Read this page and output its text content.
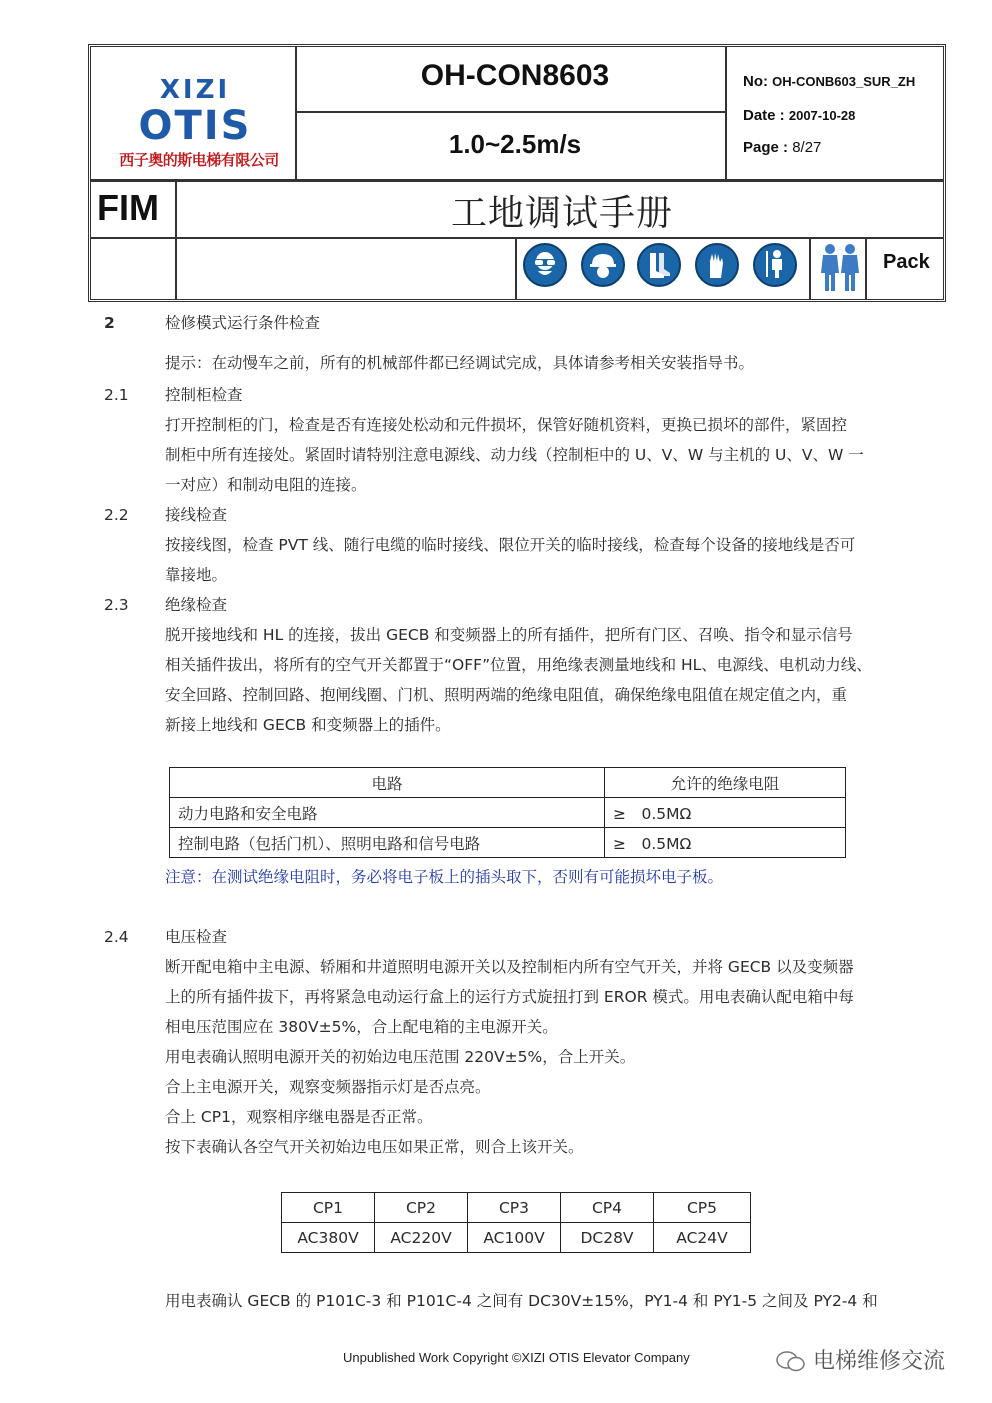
XIZI
OTIS
西子奥的斯电梯有限公司
OH-CON8603
1.0~2.5m/s
No: OH-CONB603_SUR_ZH
Date : 2007-10-28
Page : 8/27
FIM	工地调试手册
Pack
2	检修模式运行条件检查
提示：在动慢车之前，所有的机械部件都已经调试完成，具体请参考相关安装指导书。
2.1 控制柜检查
打开控制柜的门，检查是否有连接处松动和元件损坏，保管好随机资料，更换已损坏的部件，紧固控
制柜中所有连接处。紧固时请特别注意电源线、动力线（控制柜中的 U、V、W 与主机的 U、V、W 一
一对应）和制动电阻的连接。
2.2 接线检查
按接线图，检查 PVT 线、随行电缆的临时接线、限位开关的临时接线，检查每个设备的接地线是否可
靠接地。
2.3 绝缘检查
脱开接地线和 HL 的连接，拔出 GECB 和变频器上的所有插件，把所有门区、召唤、指令和显示信号
相关插件拔出，将所有的空气开关都置于“OFF”位置，用绝缘表测量地线和 HL、电源线、电机动力线、
安全回路、控制回路、抱闸线圈、门机、照明两端的绝缘电阻值，确保绝缘电阻值在规定值之内，重
新接上地线和 GECB 和变频器上的插件。
电路	允许的绝缘电阻
动力电路和安全电路	≥　0.5MΩ
控制电路（包括门机）、照明电路和信号电路	≥　0.5MΩ
注意：在测试绝缘电阻时，务必将电子板上的插头取下，否则有可能损坏电子板。
2.4 电压检查
断开配电箱中主电源、轿厢和井道照明电源开关以及控制柜内所有空气开关，并将 GECB 以及变频器
上的所有插件拔下，再将紧急电动运行盒上的运行方式旋扭打到 EROR 模式。用电表确认配电箱中每
相电压范围应在 380V±5%，合上配电箱的主电源开关。
用电表确认照明电源开关的初始边电压范围 220V±5%，合上开关。
合上主电源开关，观察变频器指示灯是否点亮。
合上 CP1，观察相序继电器是否正常。
按下表确认各空气开关初始边电压如果正常，则合上该开关。
CP1	CP2	CP3	CP4	CP5
AC380V	AC220V	AC100V	DC28V	AC24V
用电表确认 GECB 的 P101C-3 和 P101C-4 之间有 DC30V±15%，PY1-4 和 PY1-5 之间及 PY2-4 和
Unpublished Work Copyright ©XIZI OTIS Elevator Company	电梯维修交流
